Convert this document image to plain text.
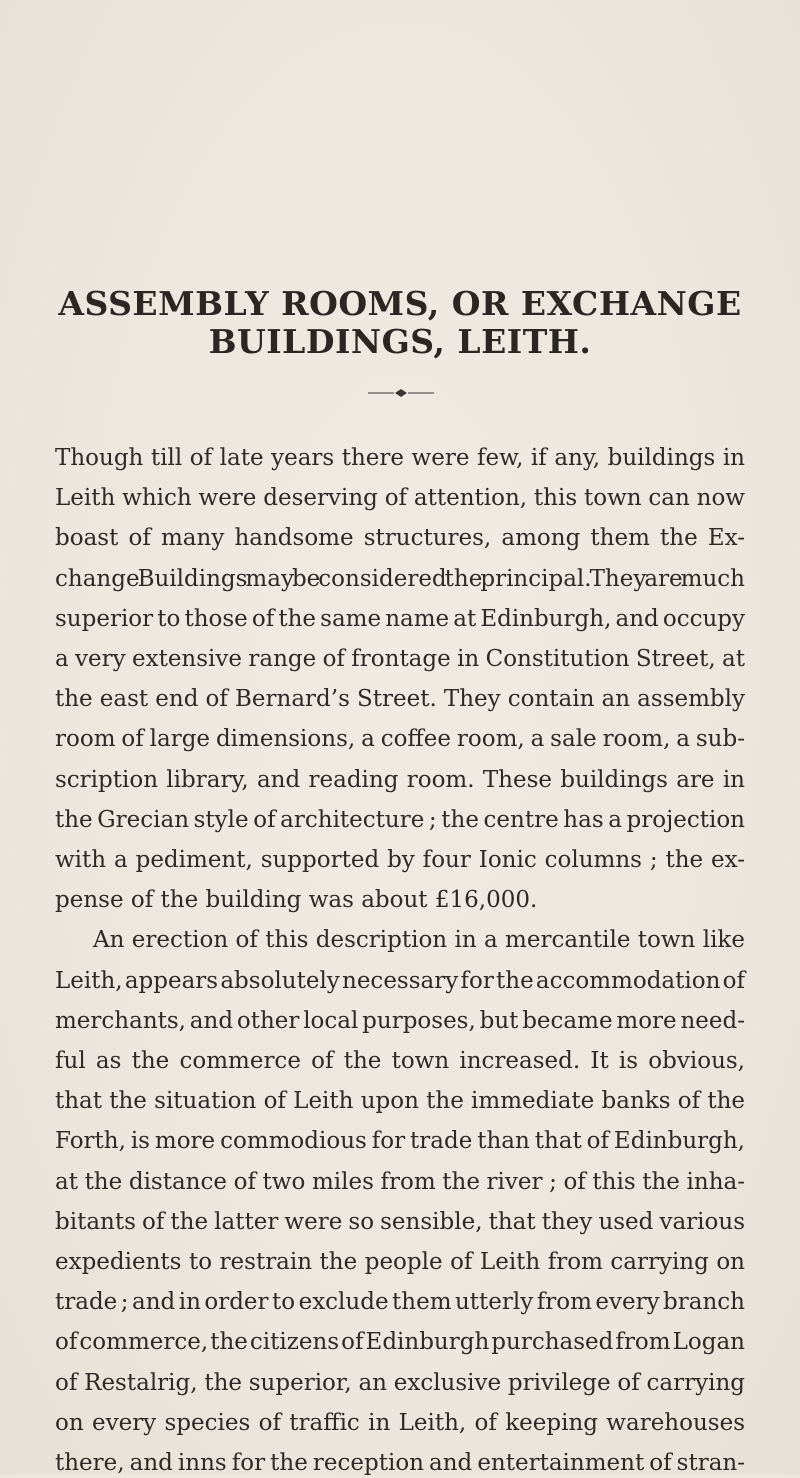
ASSEMBLY ROOMS, OR EXCHANGE
BUILDINGS, LEITH.
Though till of late years there were few, if any, buildings in
Leith which were deserving of attention, this town can now
boast of many handsome structures, among them the Ex-
change Buildings may be considered the principal. They are much
superior to those of the same name at Edinburgh, and occupy
a very extensive range of frontage in Constitution Street, at
the east end of Bernard’s Street. They contain an assembly
room of large dimensions, a coffee room, a sale room, a sub-
scription library, and reading room. These buildings are in
the Grecian style of architecture ; the centre has a projection
with a pediment, supported by four Ionic columns ; the ex-
pense of the building was about £16,000.
An erection of this description in a mercantile town like
Leith, appears absolutely necessary for the accommodation of
merchants, and other local purposes, but became more need-
ful as the commerce of the town increased. It is obvious,
that the situation of Leith upon the immediate banks of the
Forth, is more commodious for trade than that of Edinburgh,
at the distance of two miles from the river ; of this the inha-
bitants of the latter were so sensible, that they used various
expedients to restrain the people of Leith from carrying on
trade ; and in order to exclude them utterly from every branch
of commerce, the citizens of Edinburgh purchased from Logan
of Restalrig, the superior, an exclusive privilege of carrying
on every species of traffic in Leith, of keeping warehouses
there, and inns for the reception and entertainment of stran-
